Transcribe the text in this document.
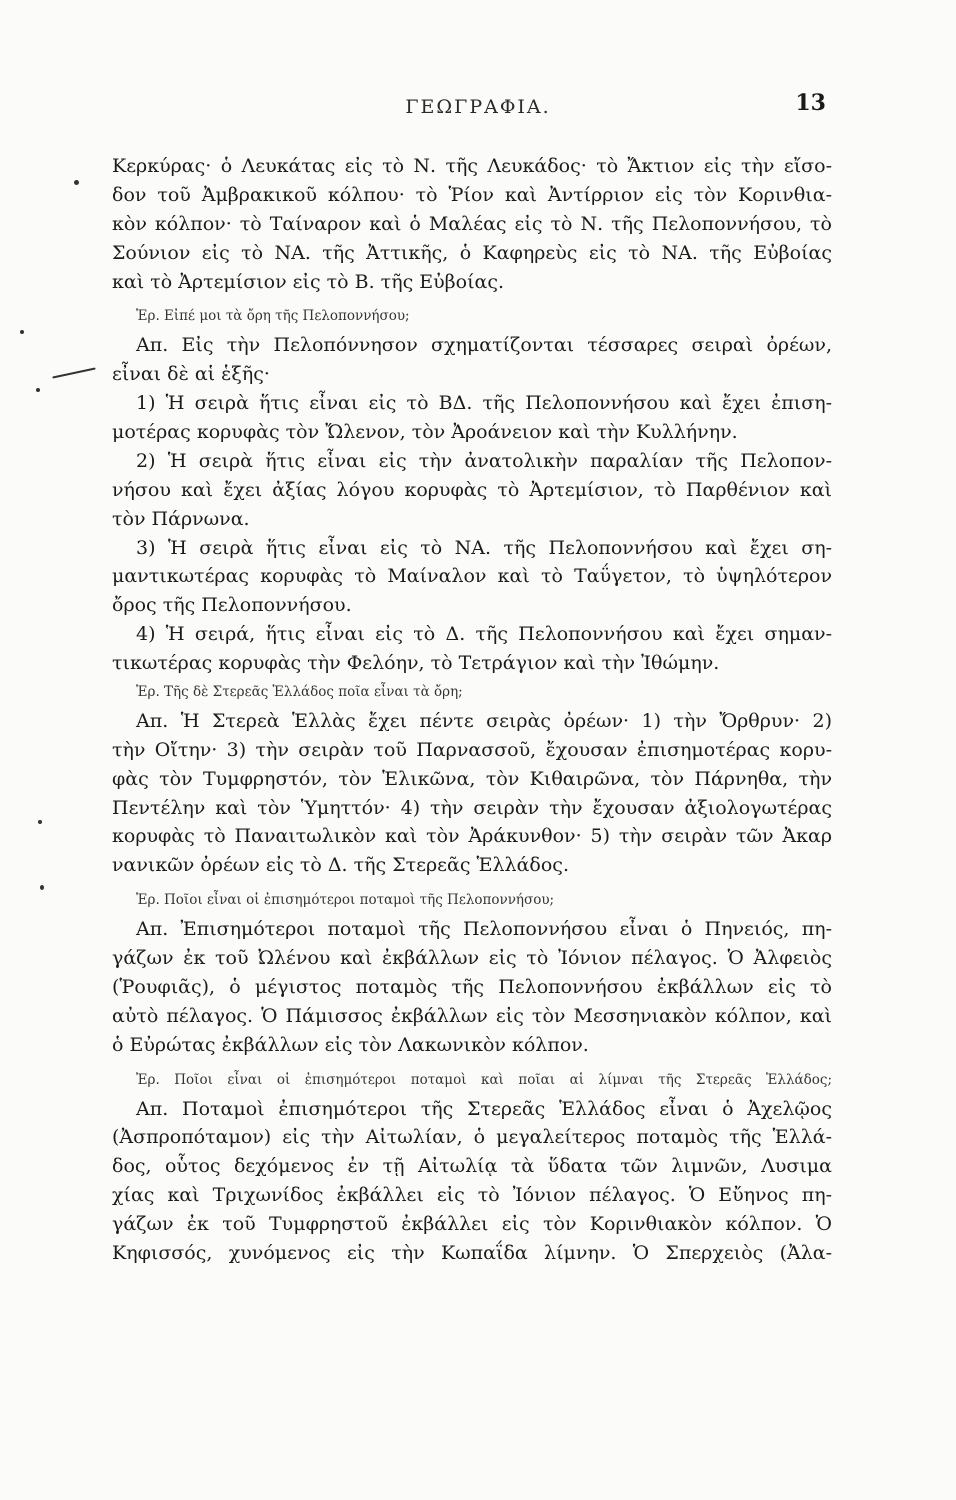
ΓΕΩΓΡΑΦΙΑ.	13
Κερκύρας· ὁ Λευκάτας εἰς τὸ Ν. τῆς Λευκάδος· τὸ Ἄκτιον εἰς τὴν εἴσο-
δον τοῦ Ἀμβρακικοῦ κόλπου· τὸ Ῥίον καὶ Ἀντίρριον εἰς τὸν Κορινθια-
κὸν κόλπον· τὸ Ταίναρον καὶ ὁ Μαλέας εἰς τὸ Ν. τῆς Πελοποννήσου, τὸ
Σούνιον εἰς τὸ ΝΑ. τῆς Ἀττικῆς, ὁ Καφηρεὺς εἰς τὸ ΝΑ. τῆς Εὐβοίας
καὶ τὸ Ἀρτεμίσιον εἰς τὸ Β. τῆς Εὐβοίας.
Ἐρ. Εἰπέ μοι τὰ ὄρη τῆς Πελοποννήσου;
Απ. Εἰς τὴν Πελοπόννησον σχηματίζονται τέσσαρες σειραὶ ὀρέων,
εἶναι δὲ αἱ ἑξῆς·
1) Ἡ σειρὰ ἥτις εἶναι εἰς τὸ ΒΔ. τῆς Πελοποννήσου καὶ ἔχει ἐπιση-
μοτέρας κορυφὰς τὸν Ὤλενον, τὸν Ἀροάνειον καὶ τὴν Κυλλήνην.
2) Ἡ σειρὰ ἥτις εἶναι εἰς τὴν ἀνατολικὴν παραλίαν τῆς Πελοπον-
νήσου καὶ ἔχει ἀξίας λόγου κορυφὰς τὸ Ἀρτεμίσιον, τὸ Παρθένιον καὶ
τὸν Πάρνωνα.
3) Ἡ σειρὰ ἥτις εἶναι εἰς τὸ ΝΑ. τῆς Πελοποννήσου καὶ ἔχει ση-
μαντικωτέρας κορυφὰς τὸ Μαίναλον καὶ τὸ Ταΰγετον, τὸ ὑψηλότερον
ὄρος τῆς Πελοποννήσου.
4) Ἡ σειρά, ἥτις εἶναι εἰς τὸ Δ. τῆς Πελοποννήσου καὶ ἔχει σημαν-
τικωτέρας κορυφὰς τὴν Φελόην, τὸ Τετράγιον καὶ τὴν Ἰθώμην.
Ἐρ. Τῆς δὲ Στερεᾶς Ἑλλάδος ποῖα εἶναι τὰ ὄρη;
Απ. Ἡ Στερεὰ Ἑλλὰς ἔχει πέντε σειρὰς ὀρέων· 1) τὴν Ὄρθρυν· 2)
τὴν Οἴτην· 3) τὴν σειρὰν τοῦ Παρνασσοῦ, ἔχουσαν ἐπισημοτέρας κορυ-
φὰς τὸν Τυμφρηστόν, τὸν Ἑλικῶνα, τὸν Κιθαιρῶνα, τὸν Πάρνηθα, τὴν
Πεντέλην καὶ τὸν Ὑμηττόν· 4) τὴν σειρὰν τὴν ἔχουσαν ἀξιολογωτέρας
κορυφὰς τὸ Παναιτωλικὸν καὶ τὸν Ἀράκυνθον· 5) τὴν σειρὰν τῶν Ἀκαρ
νανικῶν ὀρέων εἰς τὸ Δ. τῆς Στερεᾶς Ἑλλάδος.
Ἐρ. Ποῖοι εἶναι οἱ ἐπισημότεροι ποταμοὶ τῆς Πελοποννήσου;
Απ. Ἐπισημότεροι ποταμοὶ τῆς Πελοποννήσου εἶναι ὁ Πηνειός, πη-
γάζων ἐκ τοῦ Ὠλένου καὶ ἐκβάλλων εἰς τὸ Ἰόνιον πέλαγος. Ὁ Ἀλφειὸς
(Ῥουφιᾶς), ὁ μέγιστος ποταμὸς τῆς Πελοποννήσου ἐκβάλλων εἰς τὸ
αὐτὸ πέλαγος. Ὁ Πάμισσος ἐκβάλλων εἰς τὸν Μεσσηνιακὸν κόλπον, καὶ
ὁ Εὐρώτας ἐκβάλλων εἰς τὸν Λακωνικὸν κόλπον.
Ἐρ. Ποῖοι εἶναι οἱ ἐπισημότεροι ποταμοὶ καὶ ποῖαι αἱ λίμναι τῆς Στερεᾶς Ἑλλάδος;
Απ. Ποταμοὶ ἐπισημότεροι τῆς Στερεᾶς Ἑλλάδος εἶναι ὁ Ἀχελῷος
(Ἀσπροπόταμον) εἰς τὴν Αἰτωλίαν, ὁ μεγαλείτερος ποταμὸς τῆς Ἑλλά-
δος, οὗτος δεχόμενος ἐν τῇ Αἰτωλίᾳ τὰ ὕδατα τῶν λιμνῶν, Λυσιμα
χίας καὶ Τριχωνίδος ἐκβάλλει εἰς τὸ Ἰόνιον πέλαγος. Ὁ Εὔηνος πη-
γάζων ἐκ τοῦ Τυμφρηστοῦ ἐκβάλλει εἰς τὸν Κορινθιακὸν κόλπον. Ὁ
Κηφισσός, χυνόμενος εἰς τὴν Κωπαΐδα λίμνην. Ὁ Σπερχειὸς (Ἀλα-
